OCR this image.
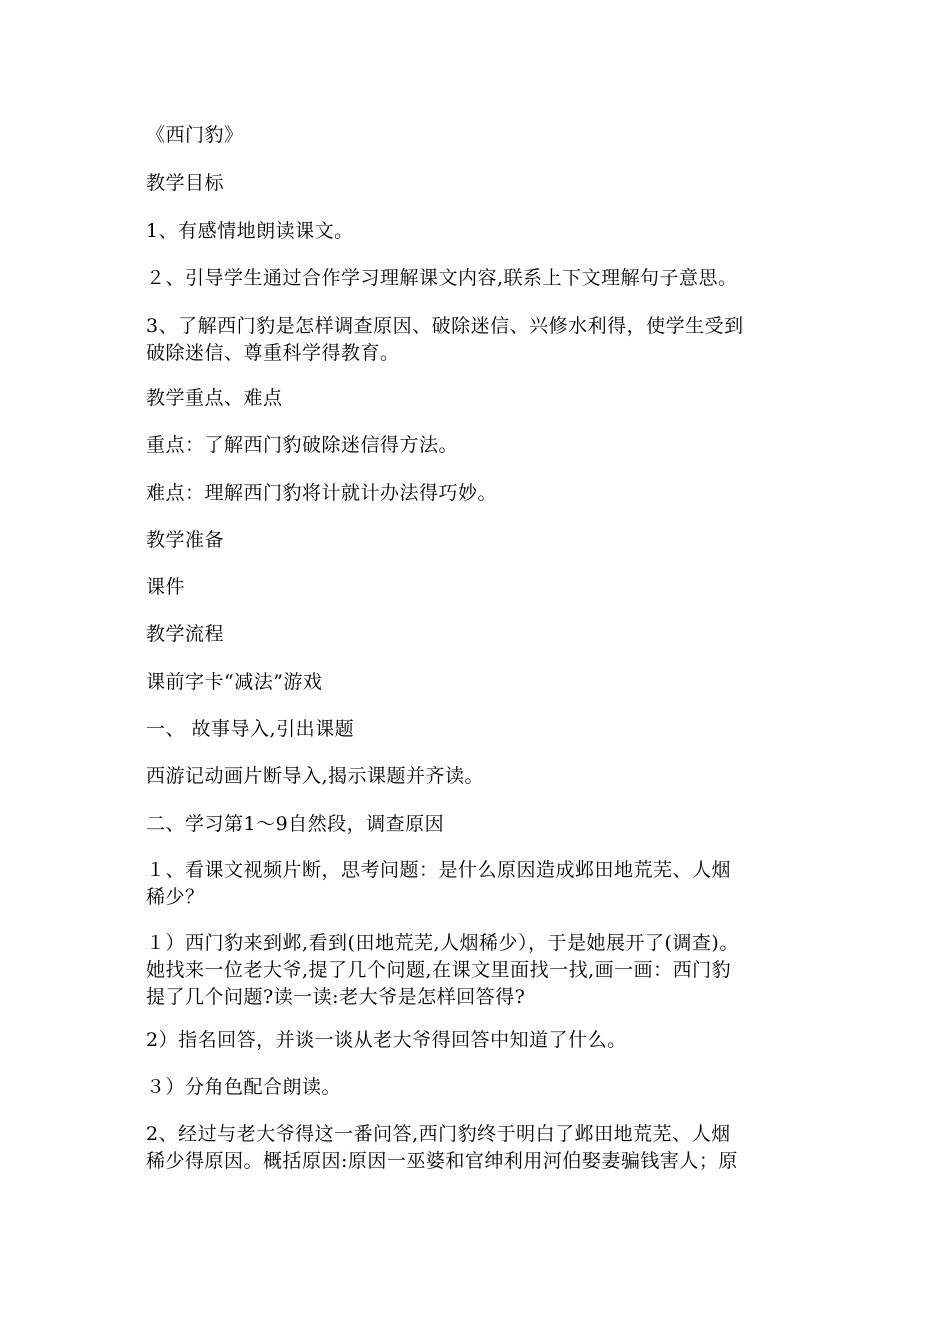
《西门豹》
教学目标
1、有感情地朗读课文。
２、引导学生通过合作学习理解课文内容,联系上下文理解句子意思。
3、了解西门豹是怎样调查原因、破除迷信、兴修水利得，使学生受到
破除迷信、尊重科学得教育。
教学重点、难点
重点：了解西门豹破除迷信得方法。
难点：理解西门豹将计就计办法得巧妙。
教学准备
课件
教学流程
课前字卡“减法”游戏
一、 故事导入,引出课题
西游记动画片断导入,揭示课题并齐读。
二、学习第1～9自然段，调查原因
１、看课文视频片断，思考问题：是什么原因造成邺田地荒芜、人烟
稀少？
１）西门豹来到邺,看到(田地荒芜,人烟稀少），于是她展开了(调查)。
她找来一位老大爷,提了几个问题,在课文里面找一找,画一画：西门豹
提了几个问题?读一读:老大爷是怎样回答得?
2）指名回答，并谈一谈从老大爷得回答中知道了什么。
３）分角色配合朗读。
2、经过与老大爷得这一番问答,西门豹终于明白了邺田地荒芜、人烟
稀少得原因。概括原因:原因一巫婆和官绅利用河伯娶妻骗钱害人；原
